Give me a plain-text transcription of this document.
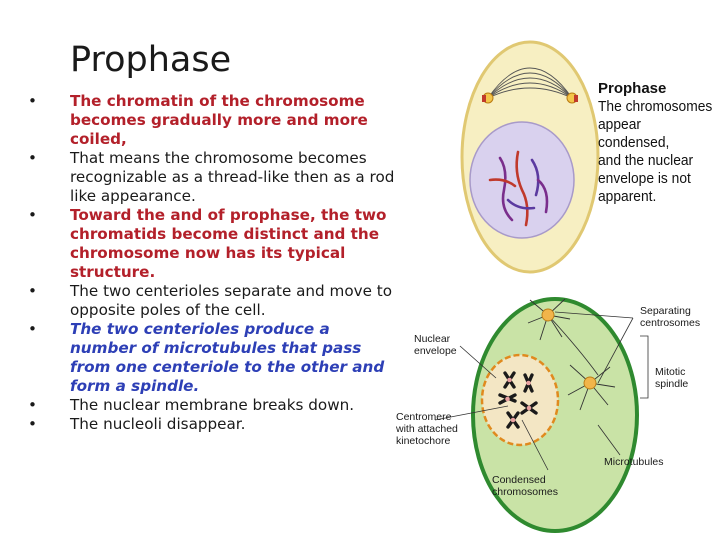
Prophase
• The chromatin of the chromosome becomes gradually more and more coiled,
• That means the chromosome becomes recognizable as a thread-like then as a rod like appearance.
• Toward the and of prophase, the two chromatids become distinct and the chromosome now has its typical structure.
• The two centerioles separate and move to opposite poles of the cell.
• The two centerioles produce a number of microtubules that pass from one centeriole to the other and form a spindle.
• The nuclear membrane breaks down.
• The nucleoli disappear.
Prophase
The chromosomes
appear condensed,
and the nuclear
envelope is not
apparent.
Nuclear
envelope
Centromere
with attached
kinetochore
Condensed
chromosomes
Separating
centrosomes
Mitotic
spindle
Microtubules
